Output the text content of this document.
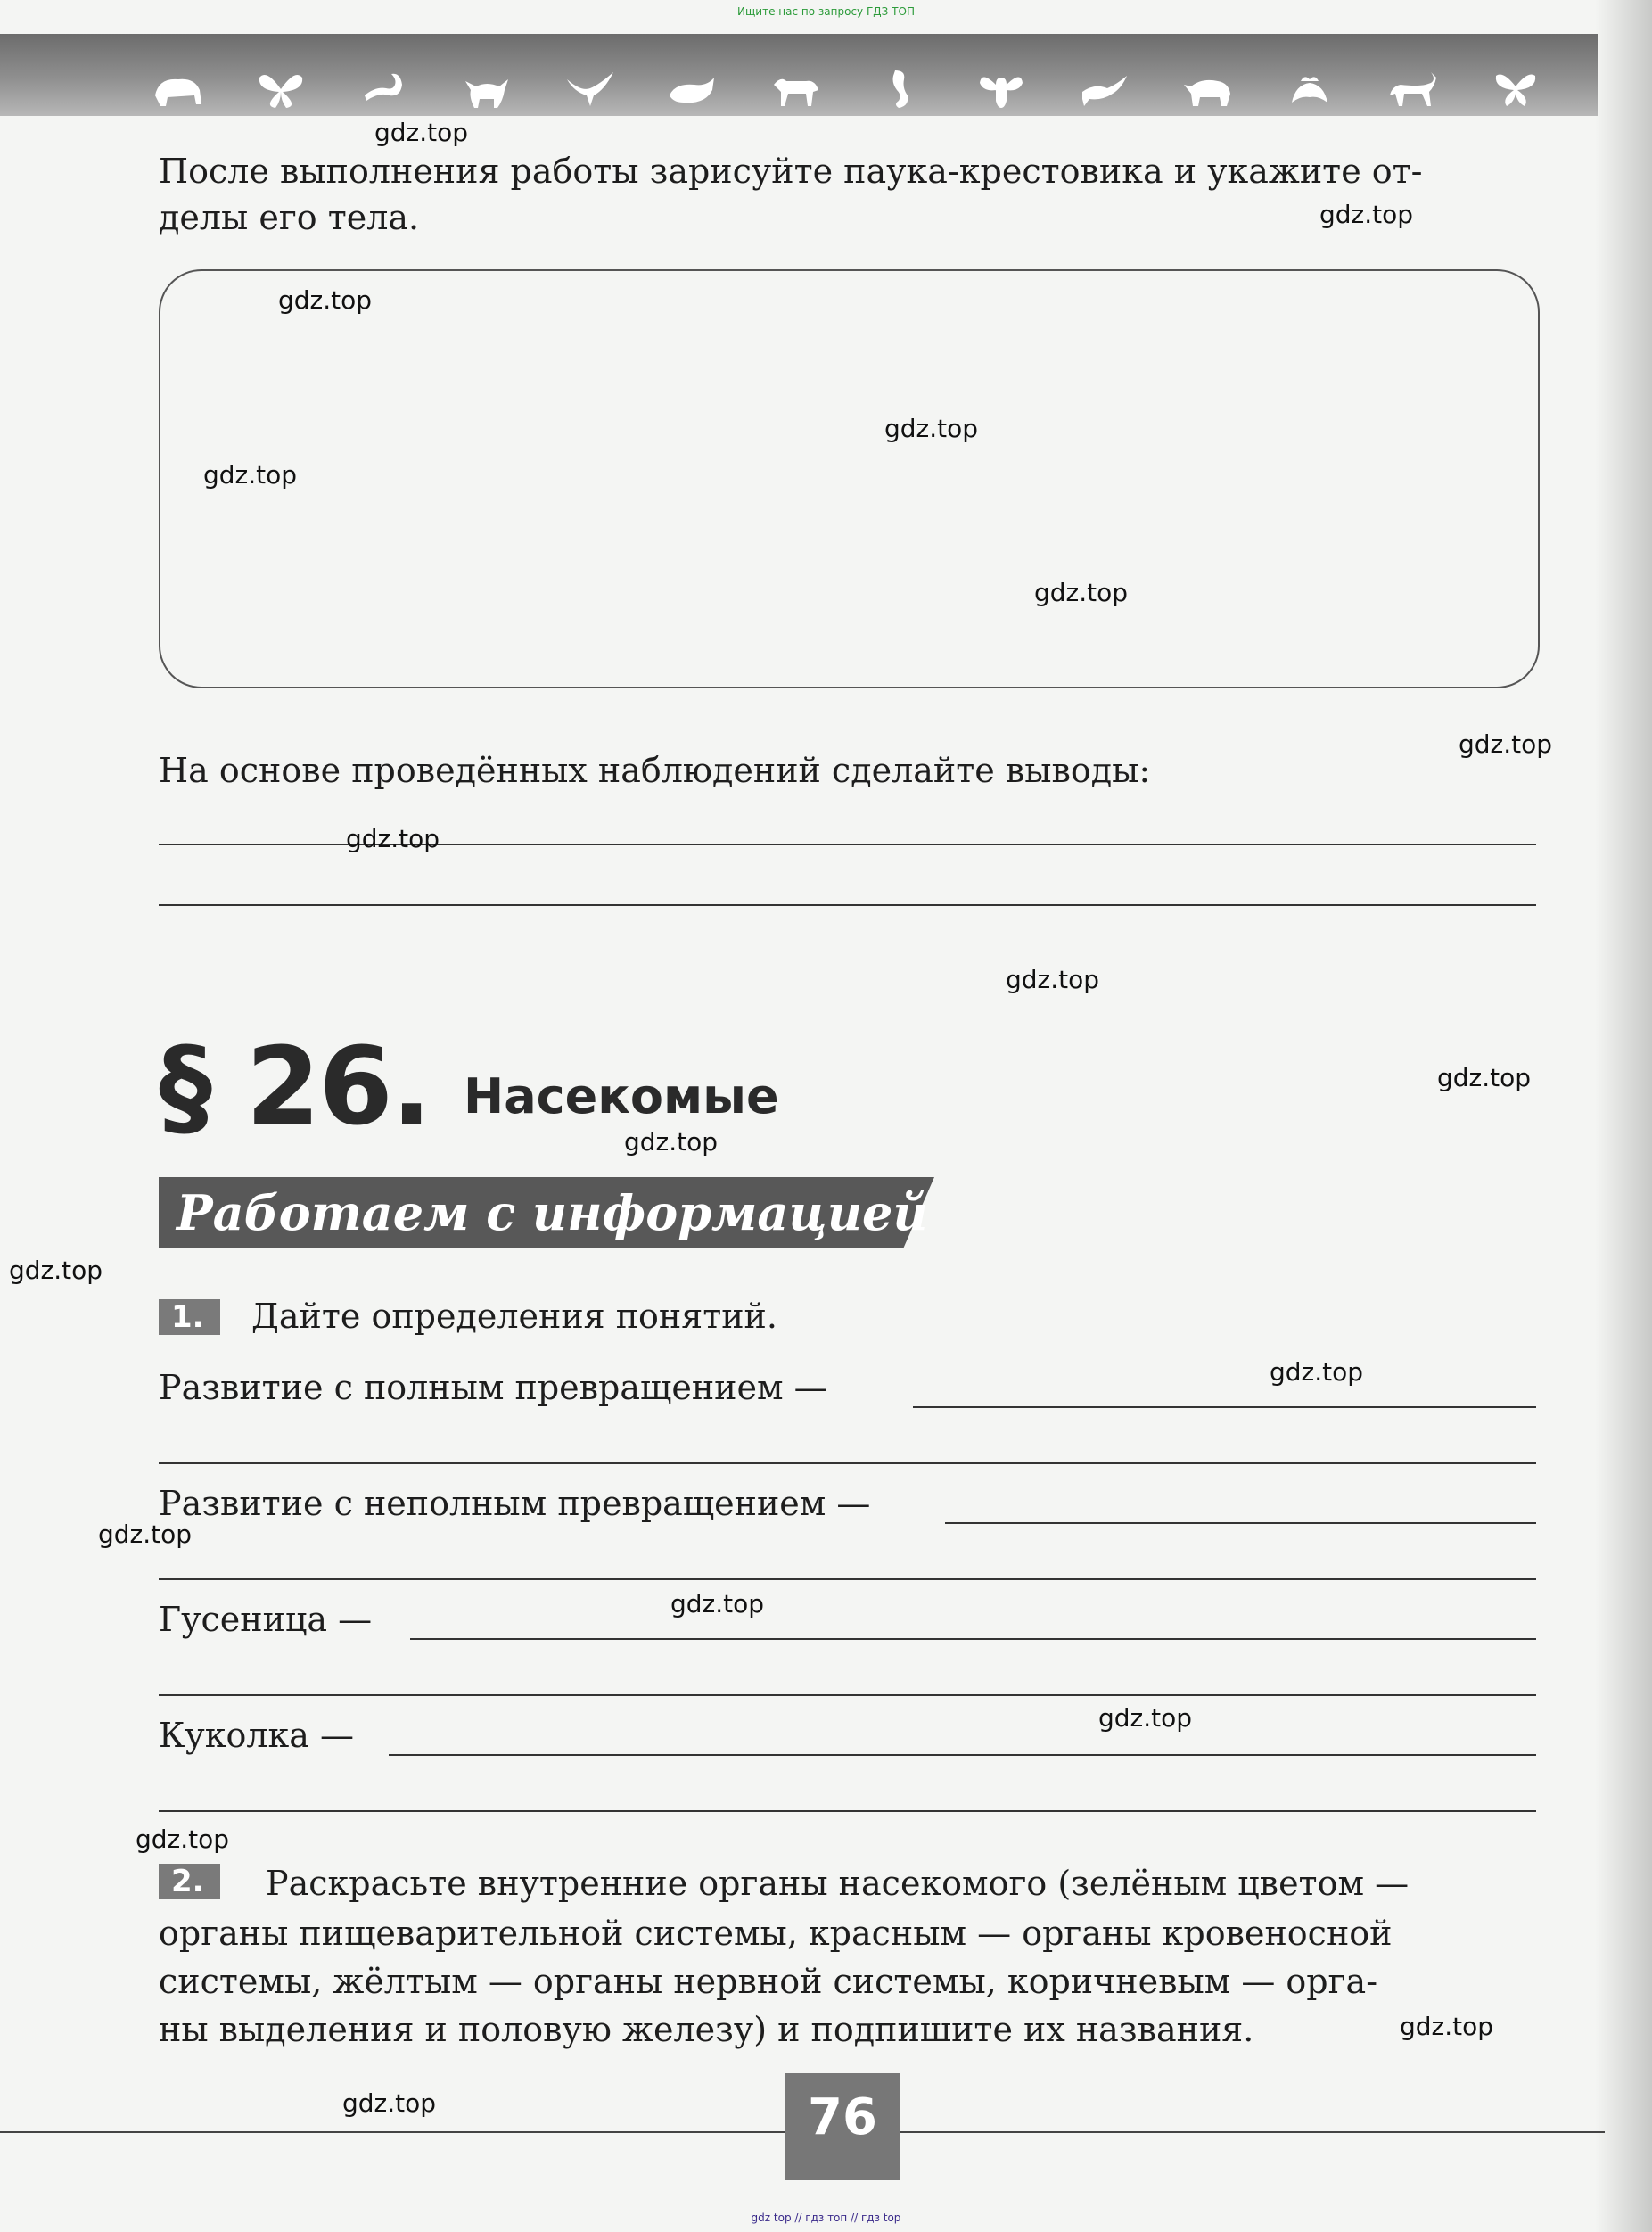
Ищите нас по запросу ГДЗ ТОП
После выполнения работы зарисуйте паука-крестовика и укажите от-
делы его тела.
На основе проведённых наблюдений сделайте выводы:
§ 26. Насекомые
Работаем с информацией
1.	Дайте определения понятий.
Развитие с полным превращением —
Развитие с неполным превращением —
Гусеница —
Куколка —
2.	Раскрасьте внутренние органы насекомого (зелёным цветом —
органы пищеварительной системы, красным — органы кровеносной
системы, жёлтым — органы нервной системы, коричневым — орга-
ны выделения и половую железу) и подпишите их названия.
76
gdz top // гдз топ // гдз top
gdz.top
gdz.top
gdz.top
gdz.top
gdz.top
gdz.top
gdz.top
gdz.top
gdz.top
gdz.top
gdz.top
gdz.top
gdz.top
gdz.top
gdz.top
gdz.top
gdz.top
gdz.top
gdz.top
